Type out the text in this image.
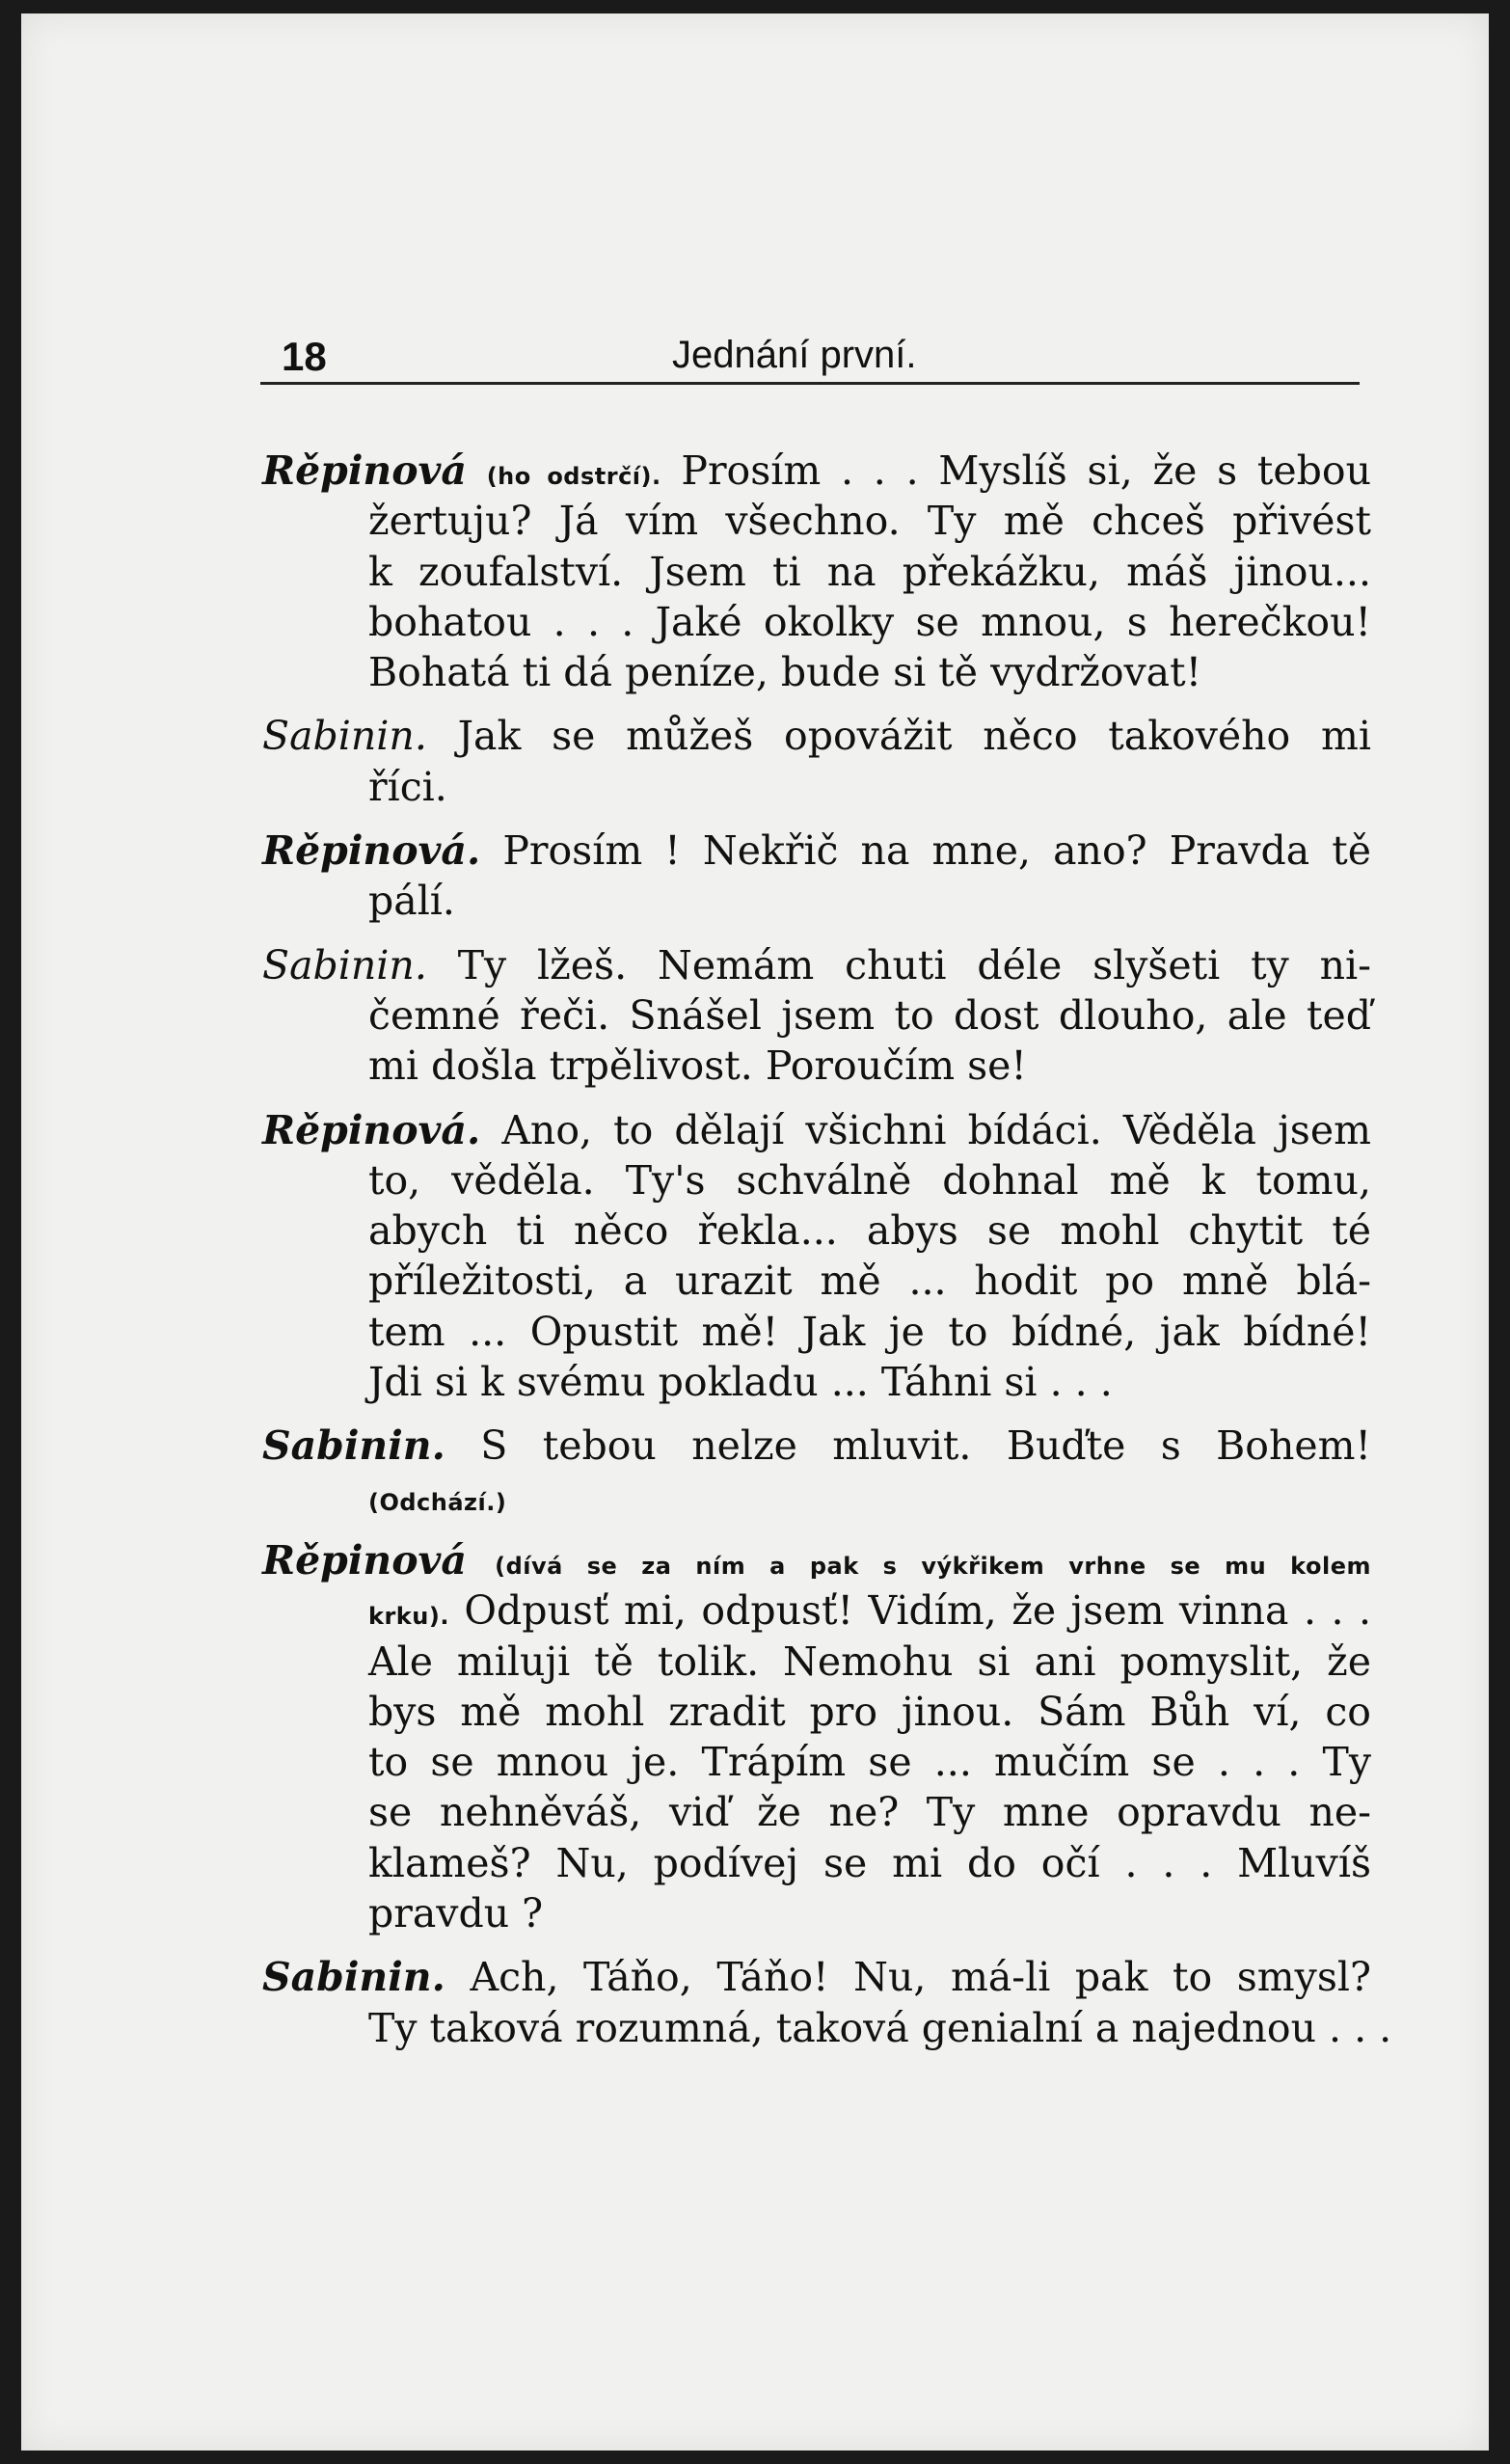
18	Jednání první.
Rěpinová (ho odstrčí). Prosím . . . Myslíš si, že s tebou
žertuju? Já vím všechno. Ty mě chceš přivést
k zoufalství. Jsem ti na překážku, máš jinou...
bohatou . . . Jaké okolky se mnou, s herečkou!
Bohatá ti dá peníze, bude si tě vydržovat!
Sabinin. Jak se můžeš opovážit něco takového mi
říci.
Rěpinová. Prosím ! Nekřič na mne, ano? Pravda tě
pálí.
Sabinin. Ty lžeš. Nemám chuti déle slyšeti ty ni-
čemné řeči. Snášel jsem to dost dlouho, ale teď
mi došla trpělivost. Poroučím se!
Rěpinová. Ano, to dělají všichni bídáci. Věděla jsem
to, věděla. Ty's schválně dohnal mě k tomu,
abych ti něco řekla... abys se mohl chytit té
příležitosti, a urazit mě ... hodit po mně blá-
tem ... Opustit mě! Jak je to bídné, jak bídné!
Jdi si k svému pokladu ... Táhni si . . .
Sabinin. S tebou nelze mluvit. Buďte s Bohem!
(Odchází.)
Rěpinová (dívá se za ním a pak s výkřikem vrhne se mu kolem
krku). Odpusť mi, odpusť! Vidím, že jsem vinna . . .
Ale miluji tě tolik. Nemohu si ani pomyslit, že
bys mě mohl zradit pro jinou. Sám Bůh ví, co
to se mnou je. Trápím se ... mučím se . . . Ty
se nehněváš, viď že ne? Ty mne opravdu ne-
klameš? Nu, podívej se mi do očí . . . Mluvíš
pravdu ?
Sabinin. Ach, Táňo, Táňo! Nu, má-li pak to smysl?
Ty taková rozumná, taková genialní a najednou . . .
